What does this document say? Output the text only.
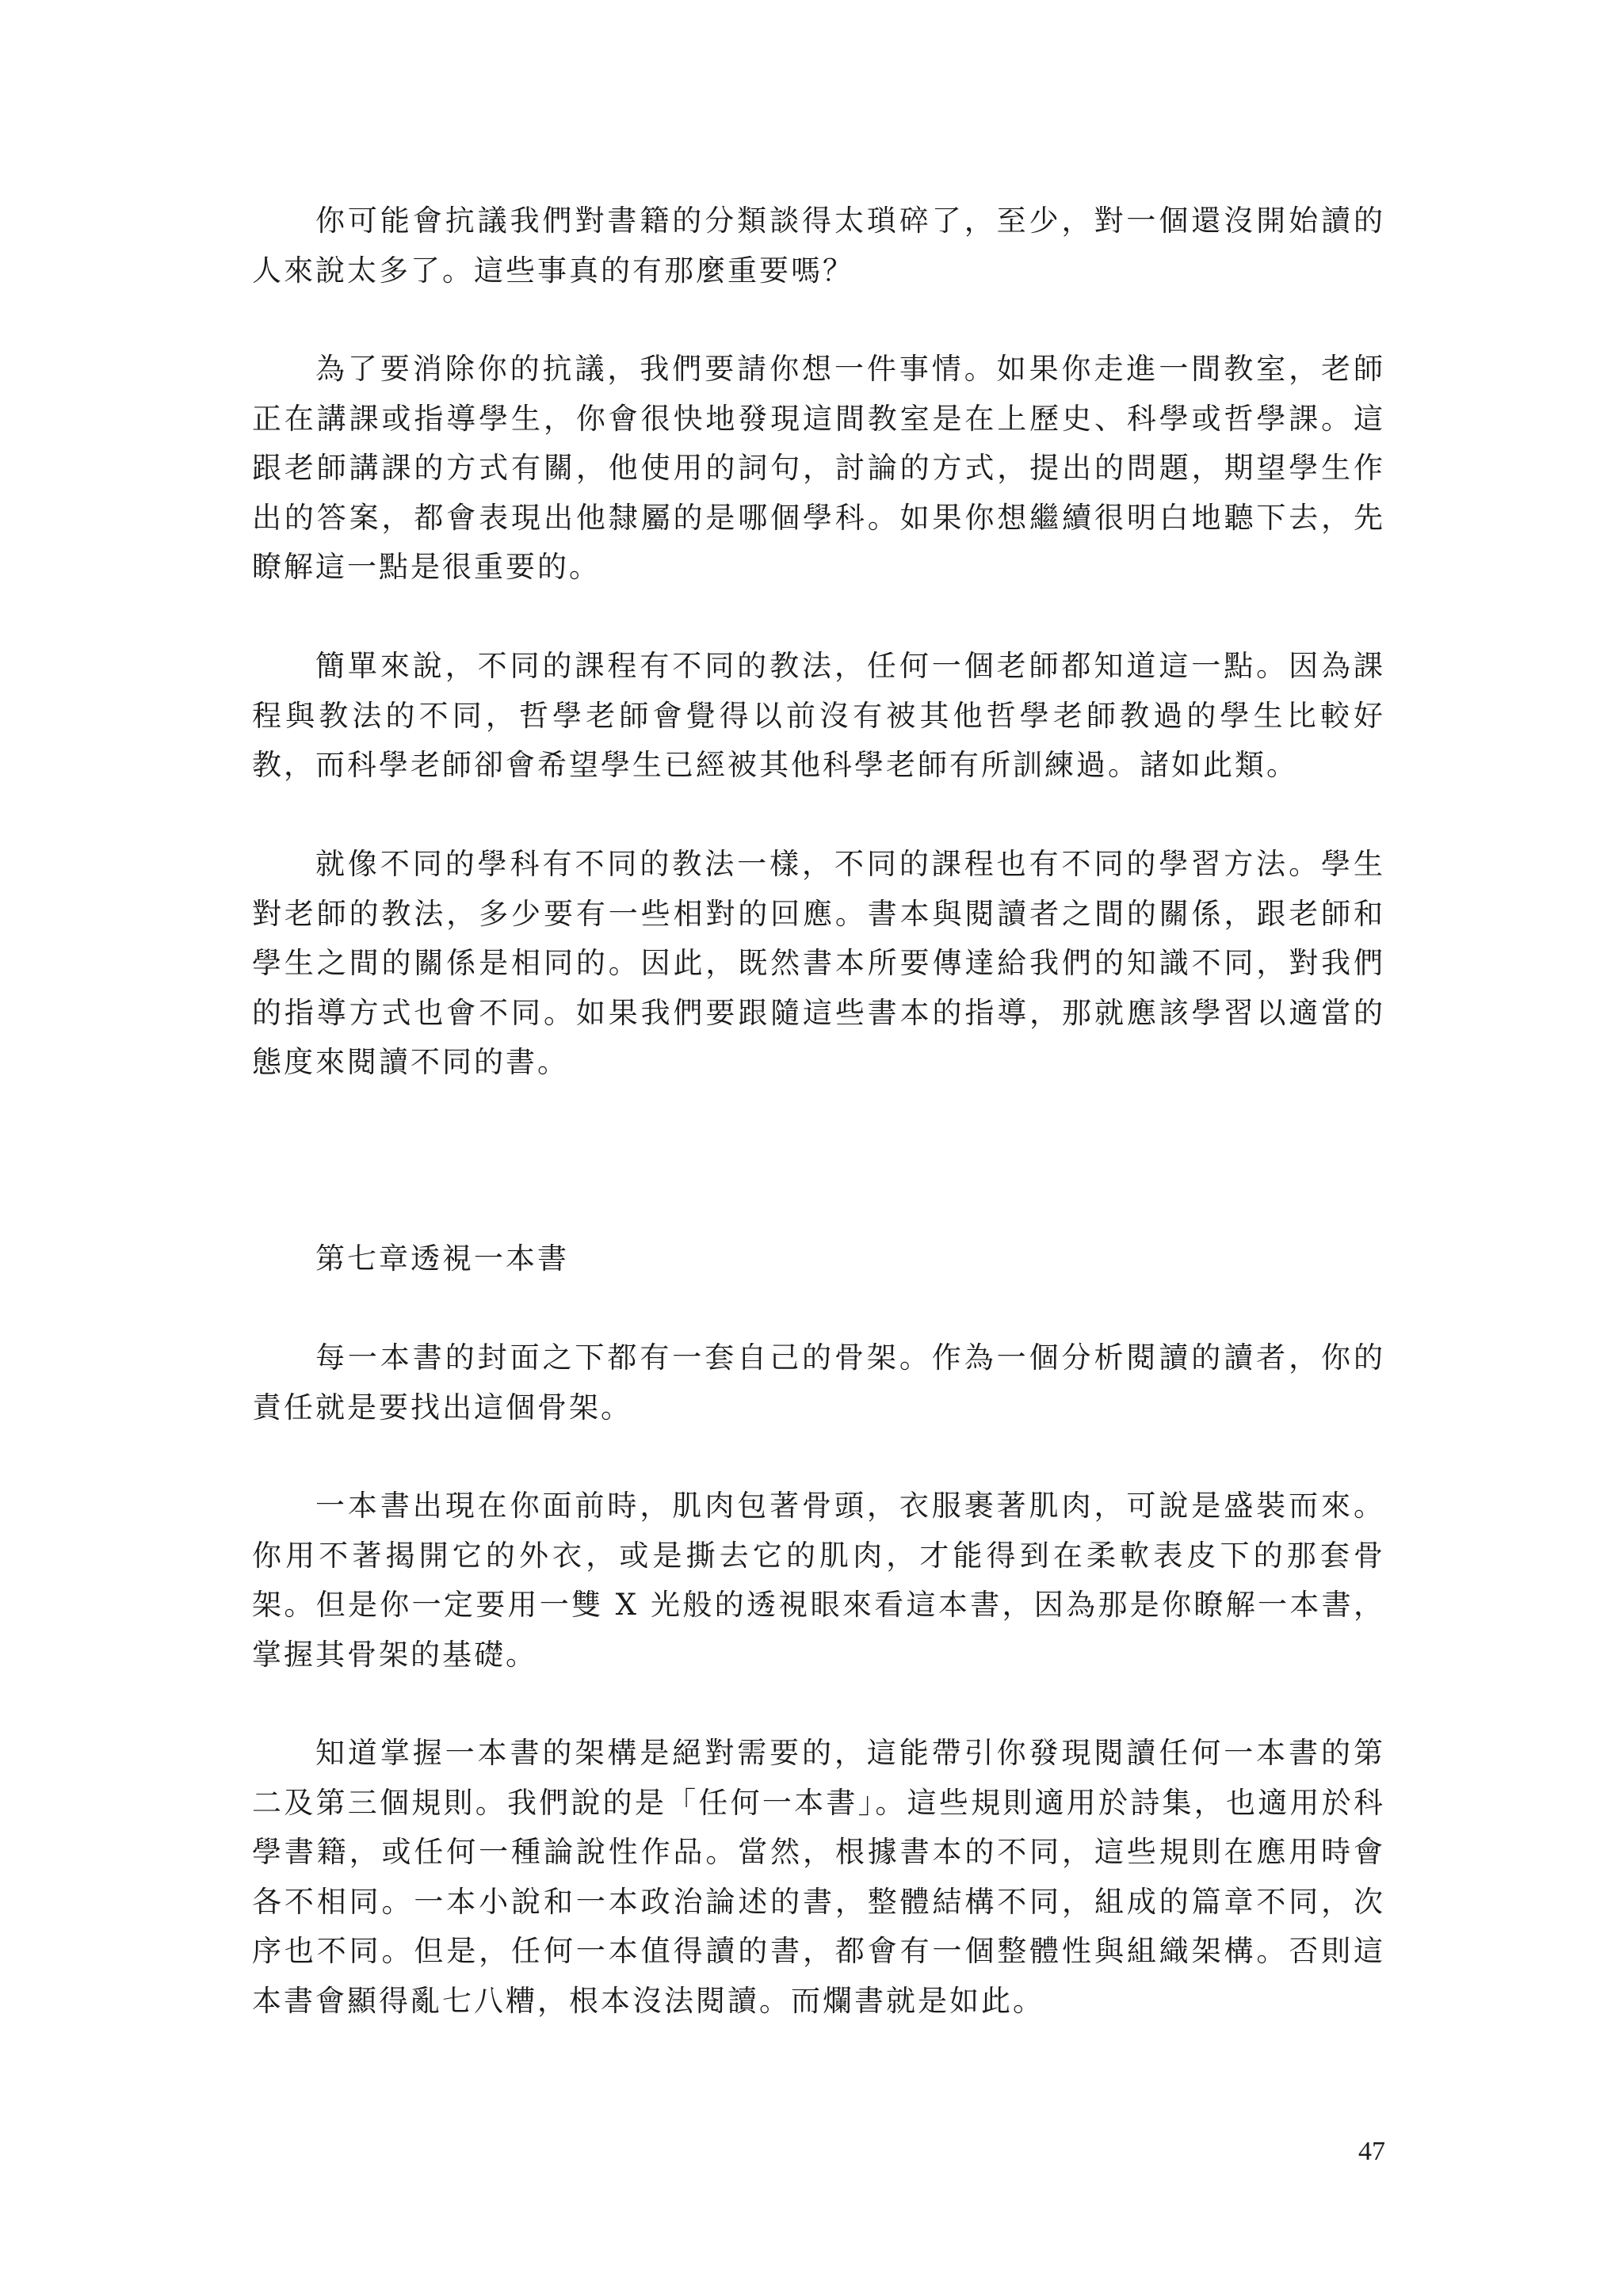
你可能會抗議我們對書籍的分類談得太瑣碎了，至少，對一個還沒開始讀的人來說太多了。這些事真的有那麼重要嗎？

為了要消除你的抗議，我們要請你想一件事情。如果你走進一間教室，老師正在講課或指導學生，你會很快地發現這間教室是在上歷史、科學或哲學課。這跟老師講課的方式有關，他使用的詞句，討論的方式，提出的問題，期望學生作出的答案，都會表現出他隸屬的是哪個學科。如果你想繼續很明白地聽下去，先瞭解這一點是很重要的。

簡單來說，不同的課程有不同的教法，任何一個老師都知道這一點。因為課程與教法的不同，哲學老師會覺得以前沒有被其他哲學老師教過的學生比較好教，而科學老師卻會希望學生已經被其他科學老師有所訓練過。諸如此類。

就像不同的學科有不同的教法一樣，不同的課程也有不同的學習方法。學生對老師的教法，多少要有一些相對的回應。書本與閱讀者之間的關係，跟老師和學生之間的關係是相同的。因此，既然書本所要傳達給我們的知識不同，對我們的指導方式也會不同。如果我們要跟隨這些書本的指導，那就應該學習以適當的態度來閱讀不同的書。

第七章透視一本書

每一本書的封面之下都有一套自己的骨架。作為一個分析閱讀的讀者，你的責任就是要找出這個骨架。

一本書出現在你面前時，肌肉包著骨頭，衣服裹著肌肉，可說是盛裝而來。你用不著揭開它的外衣，或是撕去它的肌肉，才能得到在柔軟表皮下的那套骨架。但是你一定要用一雙 X 光般的透視眼來看這本書，因為那是你瞭解一本書，掌握其骨架的基礎。

知道掌握一本書的架構是絕對需要的，這能帶引你發現閱讀任何一本書的第二及第三個規則。我們說的是「任何一本書」。這些規則適用於詩集，也適用於科學書籍，或任何一種論說性作品。當然，根據書本的不同，這些規則在應用時會各不相同。一本小說和一本政治論述的書，整體結構不同，組成的篇章不同，次序也不同。但是，任何一本值得讀的書，都會有一個整體性與組織架構。否則這本書會顯得亂七八糟，根本沒法閱讀。而爛書就是如此。

47
